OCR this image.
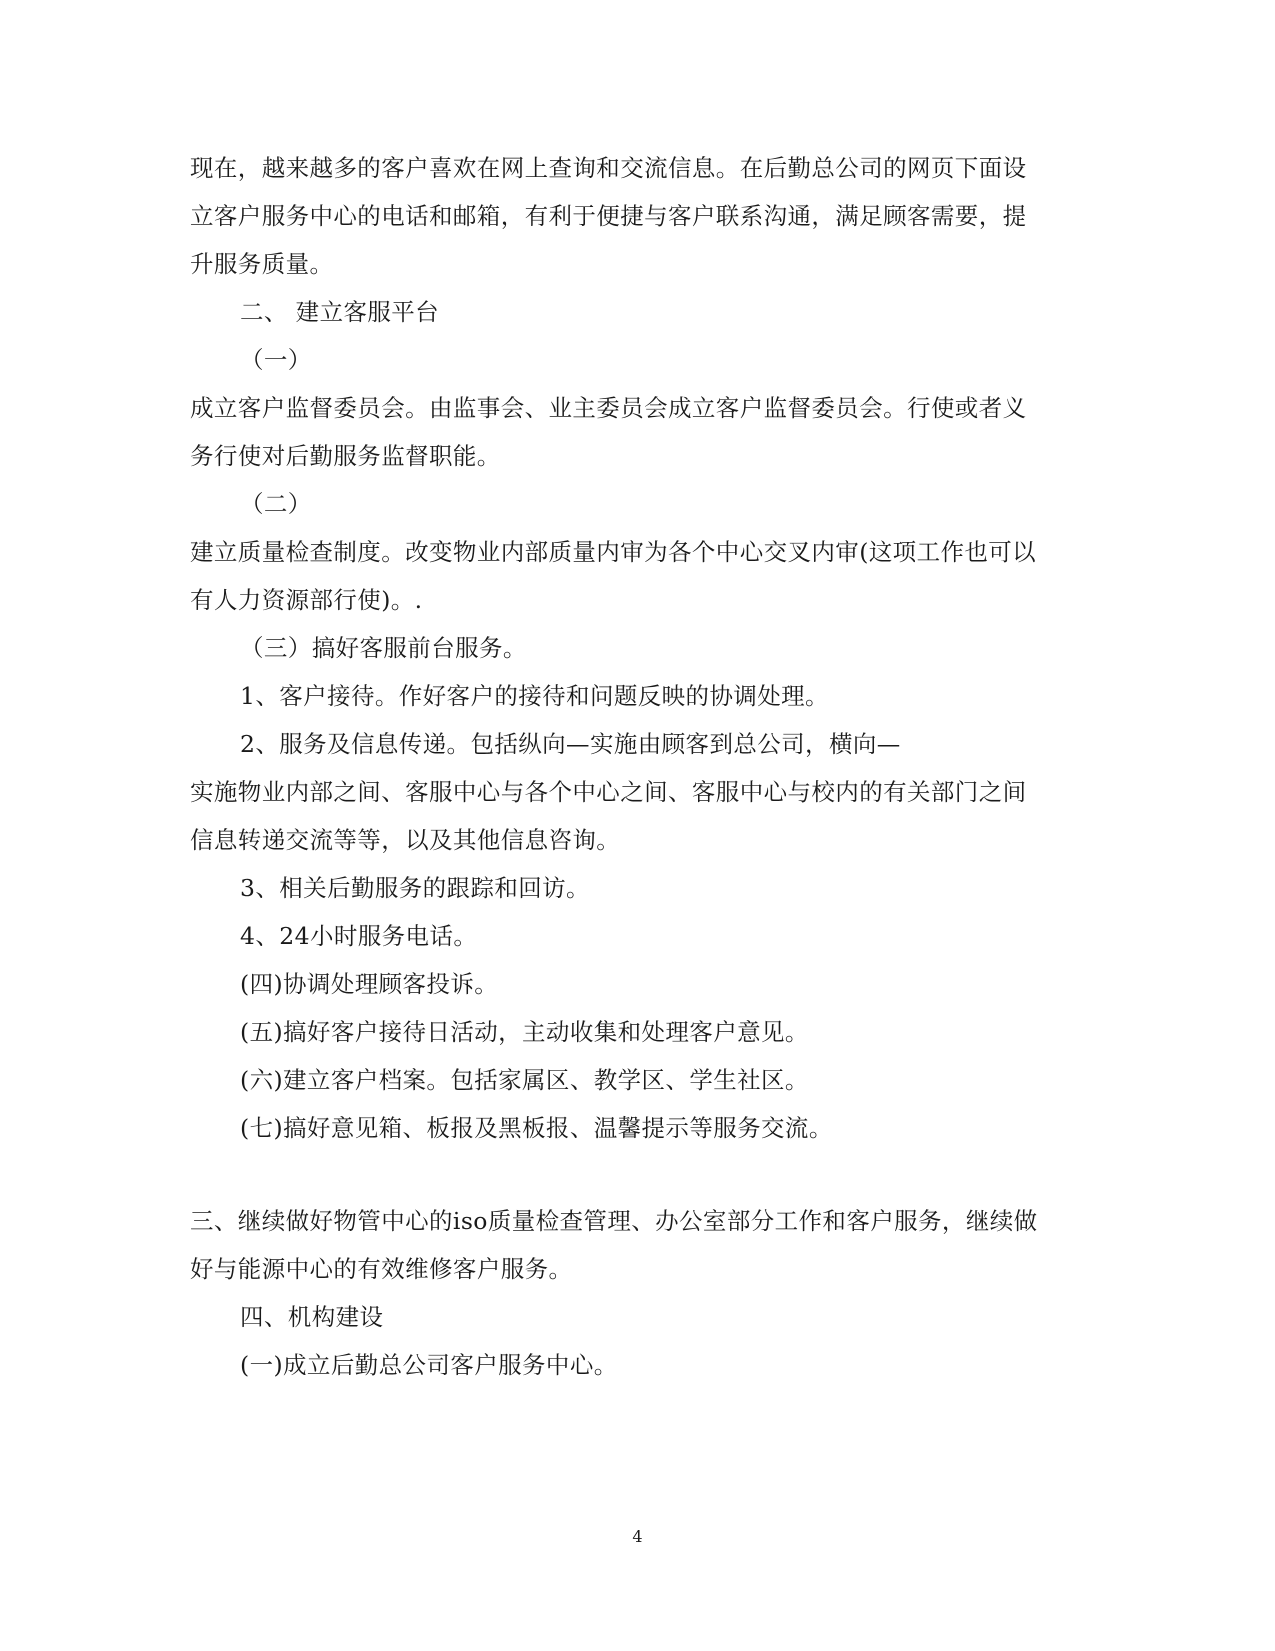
现在，越来越多的客户喜欢在网上查询和交流信息。在后勤总公司的网页下面设
立客户服务中心的电话和邮箱，有利于便捷与客户联系沟通，满足顾客需要，提
升服务质量。
二、 建立客服平台
（一）
成立客户监督委员会。由监事会、业主委员会成立客户监督委员会。行使或者义
务行使对后勤服务监督职能。
（二）
建立质量检查制度。改变物业内部质量内审为各个中心交叉内审(这项工作也可以
有人力资源部行使)。.
（三）搞好客服前台服务。
1、客户接待。作好客户的接待和问题反映的协调处理。
2、服务及信息传递。包括纵向—实施由顾客到总公司，横向—
实施物业内部之间、客服中心与各个中心之间、客服中心与校内的有关部门之间
信息转递交流等等，以及其他信息咨询。
3、相关后勤服务的跟踪和回访。
4、24小时服务电话。
(四)协调处理顾客投诉。
(五)搞好客户接待日活动，主动收集和处理客户意见。
(六)建立客户档案。包括家属区、教学区、学生社区。
(七)搞好意见箱、板报及黑板报、温馨提示等服务交流。
三、继续做好物管中心的iso质量检查管理、办公室部分工作和客户服务，继续做
好与能源中心的有效维修客户服务。
四、机构建设
(一)成立后勤总公司客户服务中心。
4
